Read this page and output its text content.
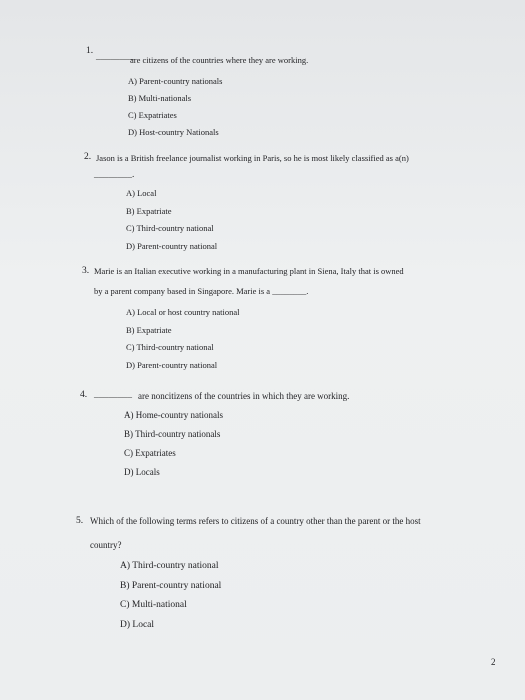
1.
________
are citizens of the countries where they are working.
A) Parent-country nationals
B) Multi-nationals
C) Expatriates
D) Host-country Nationals
2. Jason is a British freelance journalist working in Paris, so he is most likely classified as a(n)
________.
A) Local
B) Expatriate
C) Third-country national
D) Parent-country national
3. Marie is an Italian executive working in a manufacturing plant in Siena, Italy that is owned
by a parent company based in Singapore. Marie is a ________.
A) Local or host country national
B) Expatriate
C) Third-country national
D) Parent-country national
4. ________ are noncitizens of the countries in which they are working.
A) Home-country nationals
B) Third-country nationals
C) Expatriates
D) Locals
5. Which of the following terms refers to citizens of a country other than the parent or the host
country?
A) Third-country national
B) Parent-country national
C) Multi-national
D) Local
2
